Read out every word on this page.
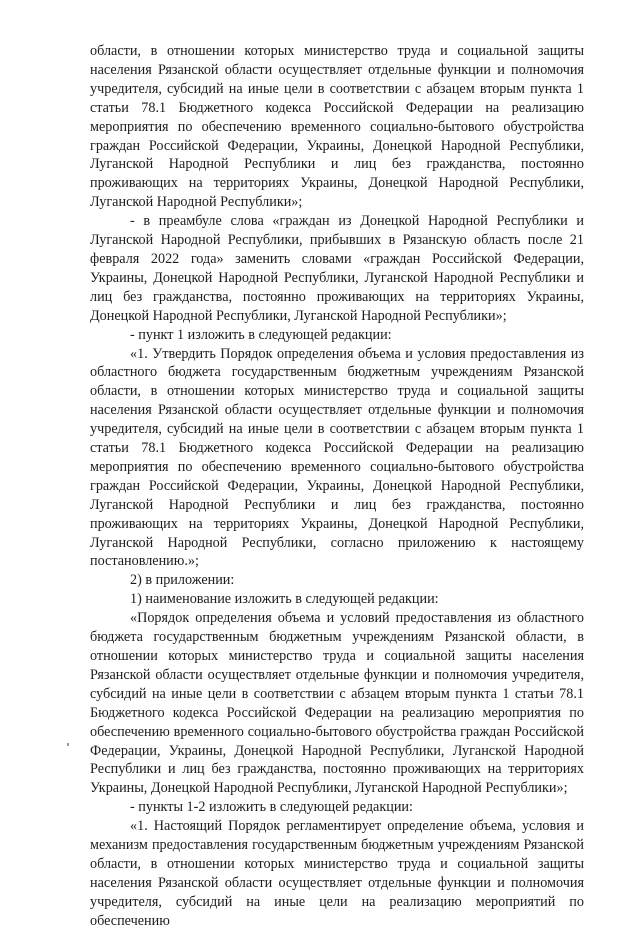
области, в отношении которых министерство труда и социальной защиты населения Рязанской области осуществляет отдельные функции и полномочия учредителя, субсидий на иные цели в соответствии с абзацем вторым пункта 1 статьи 78.1 Бюджетного кодекса Российской Федерации на реализацию мероприятия по обеспечению временного социально-бытового обустройства граждан Российской Федерации, Украины, Донецкой Народной Республики, Луганской Народной Республики и лиц без гражданства, постоянно проживающих на территориях Украины, Донецкой Народной Республики, Луганской Народной Республики»;

- в преамбуле слова «граждан из Донецкой Народной Республики и Луганской Народной Республики, прибывших в Рязанскую область после 21 февраля 2022 года» заменить словами «граждан Российской Федерации, Украины, Донецкой Народной Республики, Луганской Народной Республики и лиц без гражданства, постоянно проживающих на территориях Украины, Донецкой Народной Республики, Луганской Народной Республики»;

- пункт 1 изложить в следующей редакции:

«1. Утвердить Порядок определения объема и условия предоставления из областного бюджета государственным бюджетным учреждениям Рязанской области, в отношении которых министерство труда и социальной защиты населения Рязанской области осуществляет отдельные функции и полномочия учредителя, субсидий на иные цели в соответствии с абзацем вторым пункта 1 статьи 78.1 Бюджетного кодекса Российской Федерации на реализацию мероприятия по обеспечению временного социально-бытового обустройства граждан Российской Федерации, Украины, Донецкой Народной Республики, Луганской Народной Республики и лиц без гражданства, постоянно проживающих на территориях Украины, Донецкой Народной Республики, Луганской Народной Республики, согласно приложению к настоящему постановлению.»;

2) в приложении:

1) наименование изложить в следующей редакции:

«Порядок определения объема и условий предоставления из областного бюджета государственным бюджетным учреждениям Рязанской области, в отношении которых министерство труда и социальной защиты населения Рязанской области осуществляет отдельные функции и полномочия учредителя, субсидий на иные цели в соответствии с абзацем вторым пункта 1 статьи 78.1 Бюджетного кодекса Российской Федерации на реализацию мероприятия по обеспечению временного социально-бытового обустройства граждан Российской Федерации, Украины, Донецкой Народной Республики, Луганской Народной Республики и лиц без гражданства, постоянно проживающих на территориях Украины, Донецкой Народной Республики, Луганской Народной Республики»;

- пункты 1-2 изложить в следующей редакции:

«1. Настоящий Порядок регламентирует определение объема, условия и механизм предоставления государственным бюджетным учреждениям Рязанской области, в отношении которых министерство труда и социальной защиты населения Рязанской области осуществляет отдельные функции и полномочия учредителя, субсидий на иные цели на реализацию мероприятий по обеспечению
